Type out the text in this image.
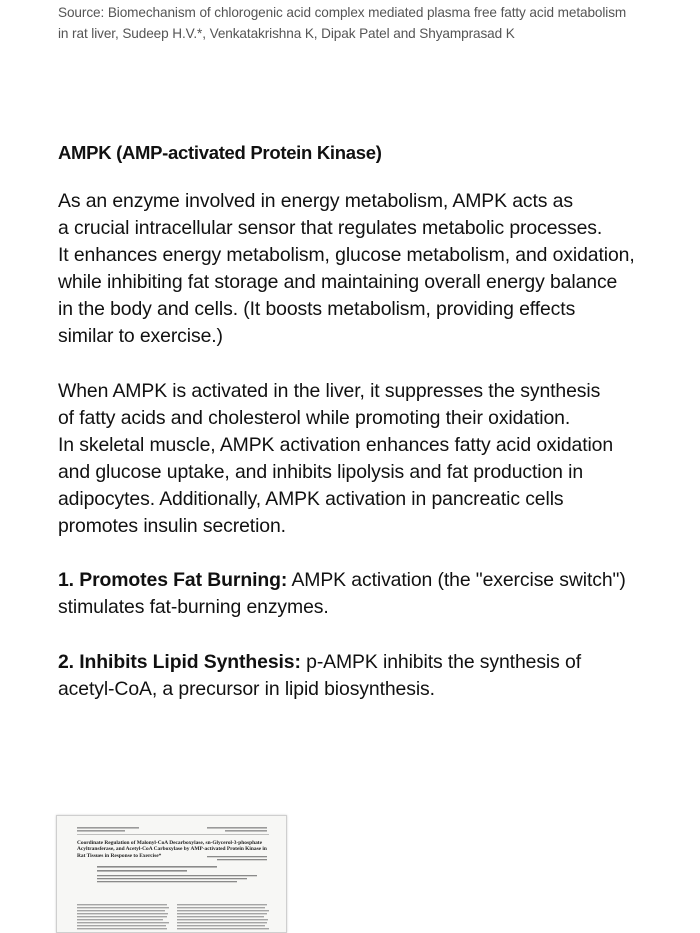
Source: Biomechanism of chlorogenic acid complex mediated plasma free fatty acid metabolism
in rat liver, Sudeep H.V.*, Venkatakrishna K, Dipak Patel and Shyamprasad K
AMPK (AMP-activated Protein Kinase)
As an enzyme involved in energy metabolism, AMPK acts as
a crucial intracellular sensor that regulates metabolic processes.
It enhances energy metabolism, glucose metabolism, and oxidation,
while inhibiting fat storage and maintaining overall energy balance
in the body and cells. (It boosts metabolism, providing effects
similar to exercise.)
When AMPK is activated in the liver, it suppresses the synthesis
of fatty acids and cholesterol while promoting their oxidation.
In skeletal muscle, AMPK activation enhances fatty acid oxidation
and glucose uptake, and inhibits lipolysis and fat production in
adipocytes. Additionally, AMPK activation in pancreatic cells
promotes insulin secretion.
1. Promotes Fat Burning: AMPK activation (the "exercise switch")
stimulates fat-burning enzymes.
2. Inhibits Lipid Synthesis: p-AMPK inhibits the synthesis of
acetyl-CoA, a precursor in lipid biosynthesis.
Coordinate Regulation of Malonyl-CoA Decarboxylase, sn-Glycerol-3-phosphate Acyltransferase, and Acetyl-CoA Carboxylase by AMP-activated Protein Kinase in Rat Tissues in Response to Exercise*
